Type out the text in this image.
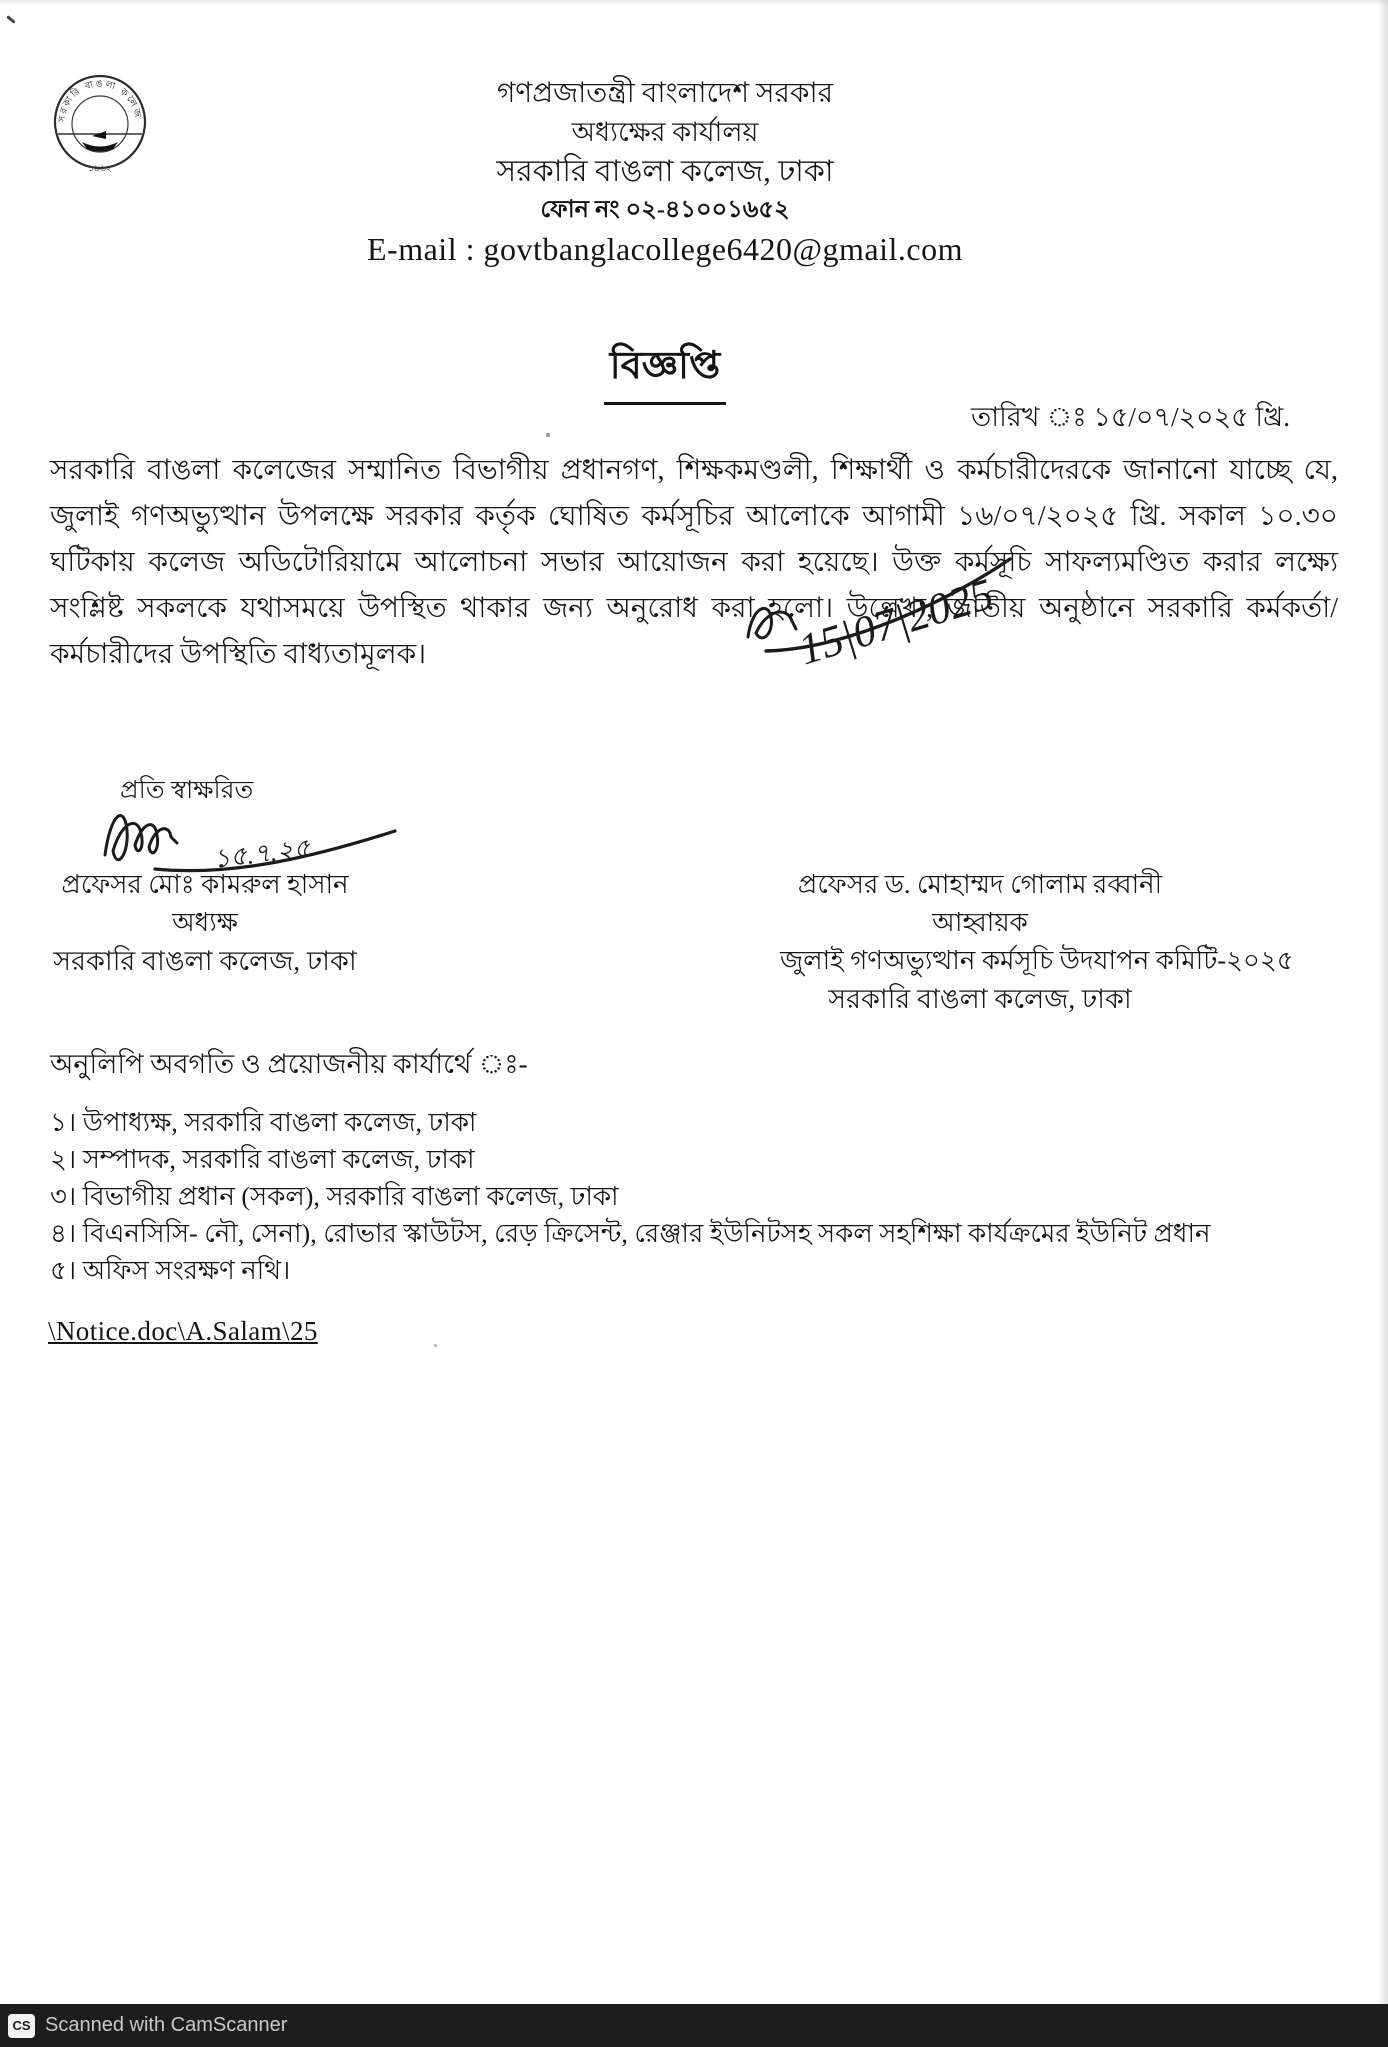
সরকারি বাঙলা কলেজ
১৯৬২
গণপ্রজাতন্ত্রী বাংলাদেশ সরকার
অধ্যক্ষের কার্যালয়
সরকারি বাঙলা কলেজ, ঢাকা
ফোন নং ০২-৪১০০১৬৫২
E-mail : govtbanglacollege6420@gmail.com
বিজ্ঞপ্তি
তারিখ ঃ ১৫/০৭/২০২৫ খ্রি.

সরকারি বাঙলা কলেজের সম্মানিত বিভাগীয় প্রধানগণ, শিক্ষকমণ্ডলী, শিক্ষার্থী ও কর্মচারীদেরকে জানানো যাচ্ছে যে, জুলাই গণঅভ্যুত্থান উপলক্ষে সরকার কর্তৃক ঘোষিত কর্মসূচির আলোকে আগামী ১৬/০৭/২০২৫ খ্রি. সকাল ১০.৩০ ঘটিকায় কলেজ অডিটোরিয়ামে আলোচনা সভার আয়োজন করা হয়েছে। উক্ত কর্মসূচি সাফল্যমণ্ডিত করার লক্ষ্যে সংশ্লিষ্ট সকলকে যথাসময়ে উপস্থিত থাকার জন্য অনুরোধ করা হলো। উল্লেখ্য, জাতীয় অনুষ্ঠানে সরকারি কর্মকর্তা/কর্মচারীদের উপস্থিতি বাধ্যতামূলক।	15|07|2025
প্রতি স্বাক্ষরিত
১৫.৭.২৫
প্রফেসর মোঃ কামরুল হাসান
অধ্যক্ষ
সরকারি বাঙলা কলেজ, ঢাকা
প্রফেসর ড. মোহাম্মদ গোলাম রব্বানী
আহ্বায়ক
জুলাই গণঅভ্যুত্থান কর্মসূচি উদযাপন কমিটি-২০২৫
সরকারি বাঙলা কলেজ, ঢাকা
অনুলিপি অবগতি ও প্রয়োজনীয় কার্যার্থে ঃ-
১। উপাধ্যক্ষ, সরকারি বাঙলা কলেজ, ঢাকা
২। সম্পাদক, সরকারি বাঙলা কলেজ, ঢাকা
৩। বিভাগীয় প্রধান (সকল), সরকারি বাঙলা কলেজ, ঢাকা
৪। বিএনসিসি- নৌ, সেনা), রোভার স্কাউটস, রেড় ক্রিসেন্ট, রেঞ্জার ইউনিটসহ সকল সহশিক্ষা কার্যক্রমের ইউনিট প্রধান
৫। অফিস সংরক্ষণ নথি।
\Notice.doc\A.Salam\25
CS Scanned with CamScanner
